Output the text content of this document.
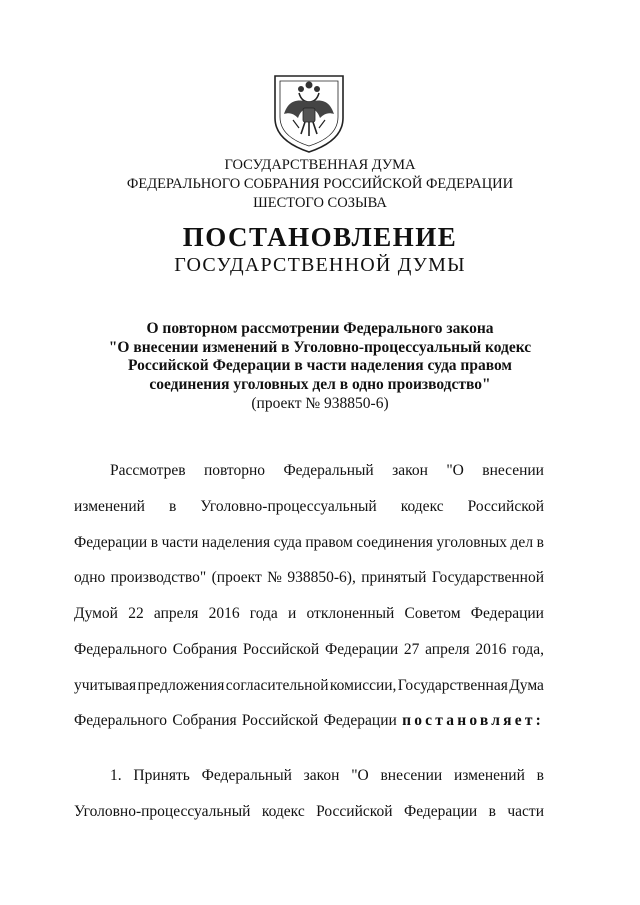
ГОСУДАРСТВЕННАЯ ДУМА
ФЕДЕРАЛЬНОГО СОБРАНИЯ РОССИЙСКОЙ ФЕДЕРАЦИИ
ШЕСТОГО СОЗЫВА
ПОСТАНОВЛЕНИЕ
ГОСУДАРСТВЕННОЙ ДУМЫ
О повторном рассмотрении Федерального закона
"О внесении изменений в Уголовно-процессуальный кодекс
Российской Федерации в части наделения суда правом
соединения уголовных дел в одно производство"
(проект № 938850-6)
Рассмотрев повторно Федеральный закон "О внесении
изменений в Уголовно-процессуальный кодекс Российской
Федерации в части наделения суда правом соединения уголовных дел в
одно производство" (проект № 938850-6), принятый Государственной
Думой 22 апреля 2016 года и отклоненный Советом Федерации
Федерального Собрания Российской Федерации 27 апреля 2016 года,
учитывая предложения согласительной комиссии, Государственная Дума
Федерального Собрания Российской Федерации постановляет:
1. Принять Федеральный закон "О внесении изменений в
Уголовно-процессуальный кодекс Российской Федерации в части
